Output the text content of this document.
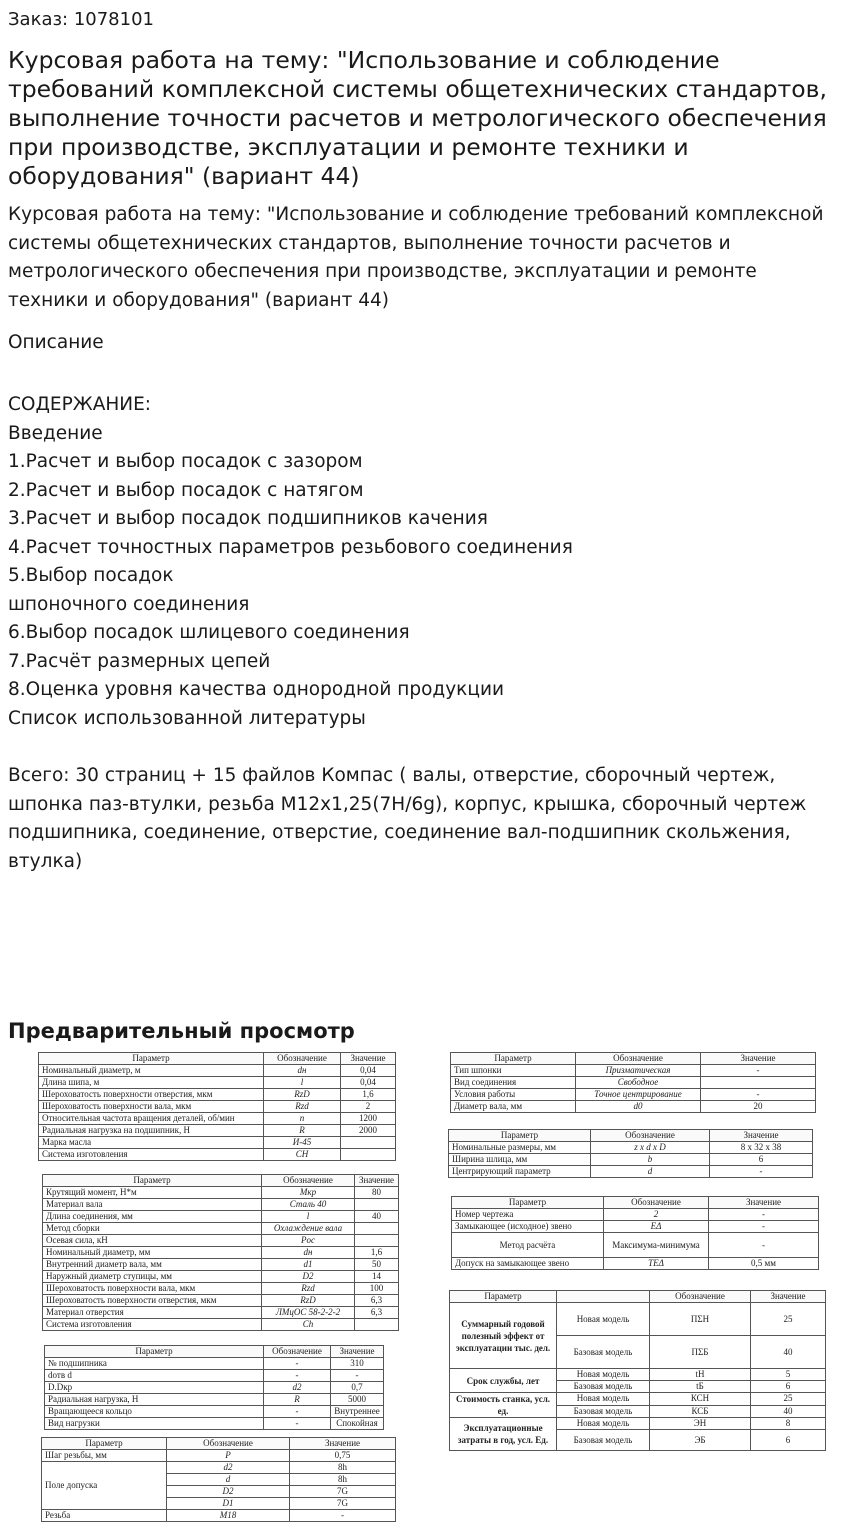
Заказ: 1078101
Курсовая работа на тему: "Использование и соблюдение требований комплексной системы общетехнических стандартов, выполнение точности расчетов и метрологического обеспечения при производстве, эксплуатации и ремонте техники и оборудования" (вариант 44)
Курсовая работа на тему: "Использование и соблюдение требований комплексной системы общетехнических стандартов, выполнение точности расчетов и метрологического обеспечения при производстве, эксплуатации и ремонте техники и оборудования" (вариант 44)
Описание
СОДЕРЖАНИЕ:
Введение
1.Расчет и выбор посадок с зазором
2.Расчет и выбор посадок с натягом
3.Расчет и выбор посадок подшипников качения
4.Расчет точностных параметров резьбового соединения
5.Выбор посадок
шпоночного соединения
6.Выбор посадок шлицевого соединения
7.Расчёт размерных цепей
8.Оценка уровня качества однородной продукции
Список использованной литературы
Всего: 30 страниц + 15 файлов Компас ( валы, отверстие, сборочный чертеж, шпонка паз-втулки, резьба М12х1,25(7H/6g), корпус, крышка, сборочный чертеж подшипника, соединение, отверстие, соединение вал-подшипник скольжения, втулка)
Предварительный просмотр
Параметр	Обозначение	Значение
Номинальный диаметр, м	dн	0,04
Длина шипа, м	l	0,04
Шероховатость поверхности отверстия, мкм	RzD	1,6
Шероховатость поверхности вала, мкм	Rzd	2
Относительная частота вращения деталей, об/мин	n	1200
Радиальная нагрузка на подшипник, Н	R	2000
Марка масла	И-45	
Система изготовления	CH	
Параметр	Обозначение	Значение
Крутящий момент, Н*м	Мкр	80
Материал вала	Сталь 40	
Длина соединения, мм	l	40
Метод сборки	Охлаждение вала	
Осевая сила, кН	Poc	
Номинальный диаметр, мм	dн	1,6
Внутренний диаметр вала, мм	d1	50
Наружный диаметр ступицы, мм	D2	14
Шероховатость поверхности вала, мкм	Rzd	100
Шероховатость поверхности отверстия, мкм	RzD	6,3
Материал отверстия	ЛМцОС 58-2-2-2	6,3
Система изготовления	Ch	
Параметр	Обозначение	Значение
№ подшипника	-	310
dотв d	-	-
D.Dкр	d2	0,7
Радиальная нагрузка, Н	R	5000
Вращающееся кольцо	-	Внутреннее
Вид нагрузки	-	Спокойная
Параметр	Обозначение	Значение
Шаг резьбы, мм	P	0,75
Поле допуска	d2	8h
	d	8h
	D2	7G
	D1	7G
Резьба	M18	-
Параметр	Обозначение	Значение
Тип шпонки	Призматическая	-
Вид соединения	Свободное	
Условия работы	Точное центрирование	-
Диаметр вала, мм	d0	20
Параметр	Обозначение	Значение
Номинальные размеры, мм	z x d x D	8 x 32 x 38
Ширина шлица, мм	b	6
Центрирующий параметр	d	-
Параметр	Обозначение	Значение
Номер чертежа	2	-
Замыкающее (исходное) звено	EΔ	-
Метод расчёта	Максимума-минимума	-
Допуск на замыкающее звено	TEΔ	0,5 мм
Параметр		Обозначение	Значение
Суммарный годовой полезный эффект от эксплуатации тыс. дел.	Новая модель	ПΣН	25
	Базовая модель	ПΣБ	40
Срок службы, лет	Новая модель	tН	5
	Базовая модель	tБ	6
Стоимость станка, усл. ед.	Новая модель	КСН	25
	Базовая модель	КСБ	40
Эксплуатационные затраты в год, усл. Ед.	Новая модель	ЭН	8
	Базовая модель	ЭБ	6
